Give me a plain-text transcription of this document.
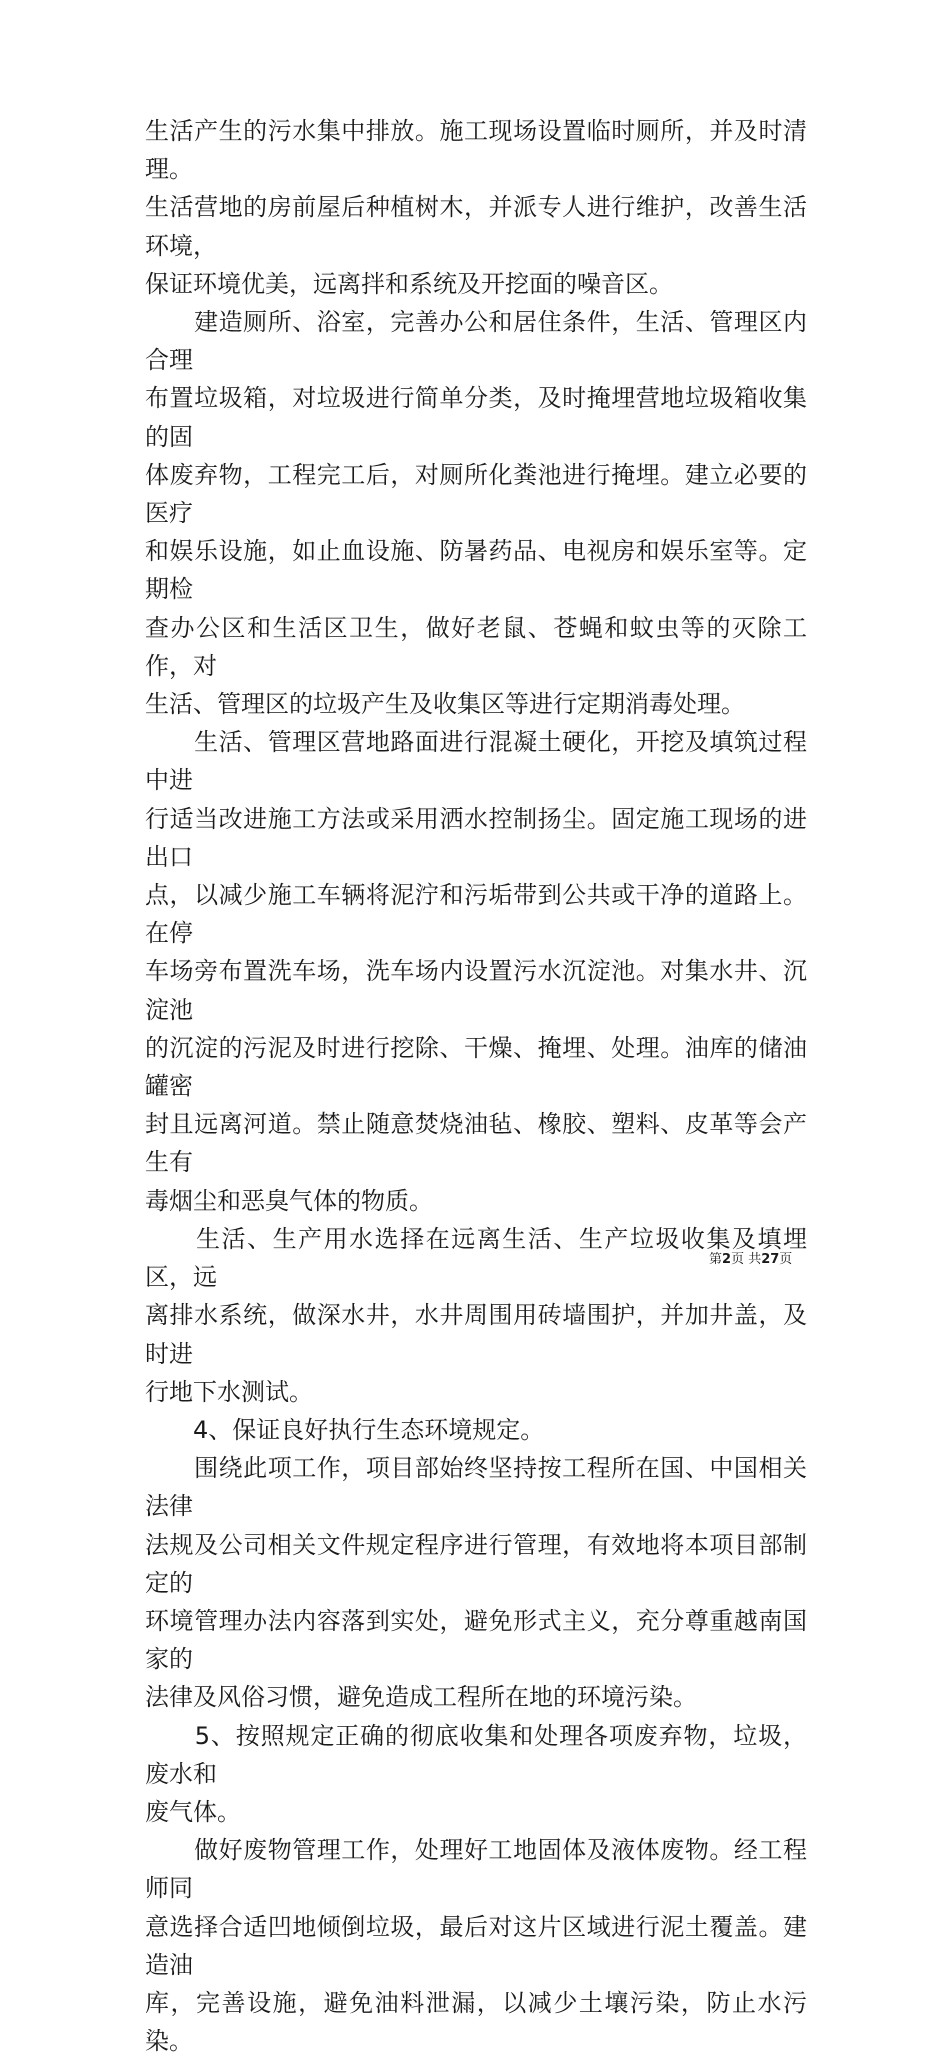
生活产生的污水集中排放。施工现场设置临时厕所，并及时清理。
生活营地的房前屋后种植树木，并派专人进行维护，改善生活环境，
保证环境优美，远离拌和系统及开挖面的噪音区。

　　建造厕所、浴室，完善办公和居住条件，生活、管理区内合理
布置垃圾箱，对垃圾进行简单分类，及时掩埋营地垃圾箱收集的固
体废弃物，工程完工后，对厕所化粪池进行掩埋。建立必要的医疗
和娱乐设施，如止血设施、防暑药品、电视房和娱乐室等。定期检
查办公区和生活区卫生，做好老鼠、苍蝇和蚊虫等的灭除工作，对
生活、管理区的垃圾产生及收集区等进行定期消毒处理。

　　生活、管理区营地路面进行混凝土硬化，开挖及填筑过程中进
行适当改进施工方法或采用洒水控制扬尘。固定施工现场的进出口
点，以减少施工车辆将泥泞和污垢带到公共或干净的道路上。在停
车场旁布置洗车场，洗车场内设置污水沉淀池。对集水井、沉淀池
的沉淀的污泥及时进行挖除、干燥、掩埋、处理。油库的储油罐密
封且远离河道。禁止随意焚烧油毡、橡胶、塑料、皮革等会产生有
毒烟尘和恶臭气体的物质。

　　生活、生产用水选择在远离生活、生产垃圾收集及填埋区，远
离排水系统，做深水井，水井周围用砖墙围护，并加井盖，及时进
行地下水测试。

　　4、保证良好执行生态环境规定。

　　围绕此项工作，项目部始终坚持按工程所在国、中国相关法律
法规及公司相关文件规定程序进行管理，有效地将本项目部制定的
环境管理办法内容落到实处，避免形式主义，充分尊重越南国家的
法律及风俗习惯，避免造成工程所在地的环境污染。

　　5、按照规定正确的彻底收集和处理各项废弃物，垃圾，废水和
废气体。

　　做好废物管理工作，处理好工地固体及液体废物。经工程师同
意选择合适凹地倾倒垃圾，最后对这片区域进行泥土覆盖。建造油
库，完善设施，避免油料泄漏，以减少土壤污染，防止水污染。

第2页 共27页
